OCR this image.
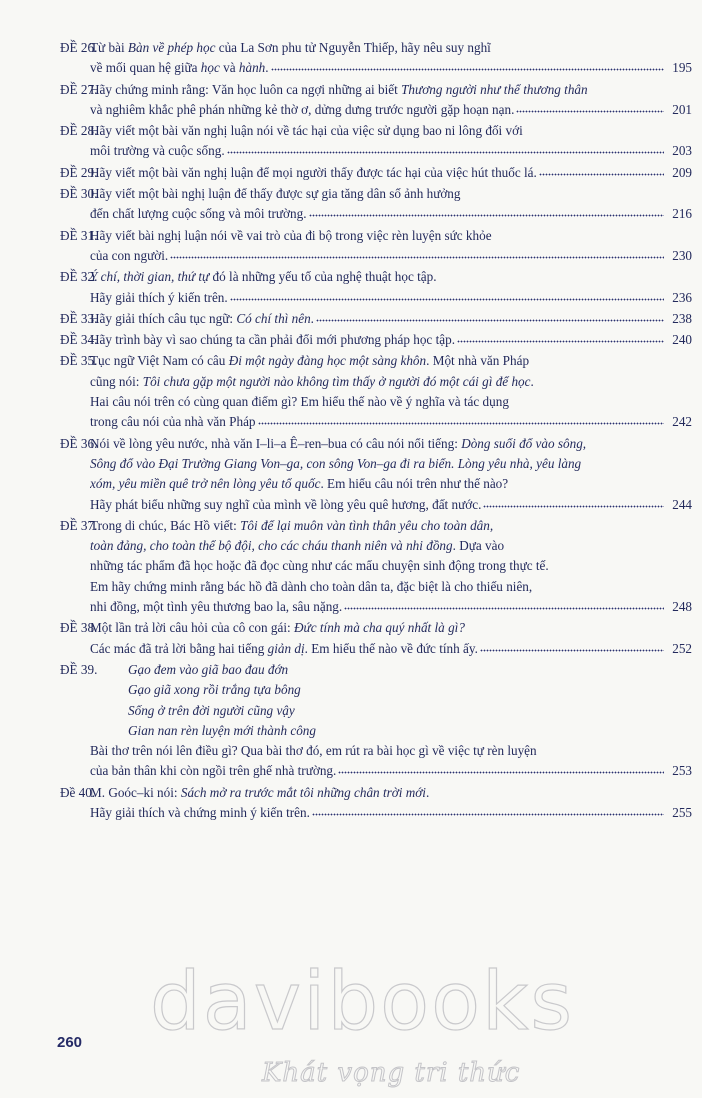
ĐỀ 26.
Từ bài Bàn về phép học của La Sơn phu tử Nguyễn Thiếp, hãy nêu suy nghĩ
về mối quan hệ giữa học và hành.	195
ĐỀ 27.
Hãy chứng minh rằng: Văn học luôn ca ngợi những ai biết Thương người như thể thương thân
và nghiêm khắc phê phán những kẻ thờ ơ, dửng dưng trước người gặp hoạn nạn.	201
ĐỀ 28.
Hãy viết một bài văn nghị luận nói về tác hại của việc sử dụng bao ni lông đối với
môi trường và cuộc sống.	203
ĐỀ 29.
Hãy viết một bài văn nghị luận để mọi người thấy được tác hại của việc hút thuốc lá.	209
ĐỀ 30.
Hãy viết một bài nghị luận để thấy được sự gia tăng dân số ảnh hưởng
đến chất lượng cuộc sống và môi trường.	216
ĐỀ 31.
Hãy viết bài nghị luận nói về vai trò của đi bộ trong việc rèn luyện sức khỏe
của con người.	230
ĐỀ 32.
Ý chí, thời gian, thứ tự đó là những yếu tố của nghệ thuật học tập.
Hãy giải thích ý kiến trên.	236
ĐỀ 33.
Hãy giải thích câu tục ngữ: Có chí thì nên.	238
ĐỀ 34.
Hãy trình bày vì sao chúng ta cần phải đổi mới phương pháp học tập.	240
ĐỀ 35.
Tục ngữ Việt Nam có câu Đi một ngày đàng học một sàng khôn. Một nhà văn Pháp
cũng nói: Tôi chưa gặp một người nào không tìm thấy ở người đó một cái gì để học.
Hai câu nói trên có cùng quan điểm gì? Em hiểu thế nào về ý nghĩa và tác dụng
trong câu nói của nhà văn Pháp	242
ĐỀ 36.
Nói về lòng yêu nước, nhà văn I–li–a Ê–ren–bua có câu nói nổi tiếng: Dòng suối đổ vào sông,
Sông đổ vào Đại Trường Giang Von–ga, con sông Von–ga đi ra biển. Lòng yêu nhà, yêu làng
xóm, yêu miền quê trở nên lòng yêu tổ quốc. Em hiểu câu nói trên như thế nào?
Hãy phát biểu những suy nghĩ của mình về lòng yêu quê hương, đất nước.	244
ĐỀ 37.
Trong di chúc, Bác Hồ viết: Tôi để lại muôn vàn tình thân yêu cho toàn dân,
toàn đảng, cho toàn thể bộ đội, cho các cháu thanh niên và nhi đồng. Dựa vào
những tác phẩm đã học hoặc đã đọc cùng như các mẩu chuyện sinh động trong thực tế.
Em hãy chứng minh rằng bác hồ đã dành cho toàn dân ta, đặc biệt là cho thiếu niên,
nhi đồng, một tình yêu thương bao la, sâu nặng.	248
ĐỀ 38.
Một lần trả lời câu hỏi của cô con gái: Đức tính mà cha quý nhất là gì?
Các mác đã trả lời bằng hai tiếng giản dị. Em hiểu thế nào về đức tính ấy.	252
ĐỀ 39.	Gạo đem vào giã bao đau đớn
Gạo giã xong rồi trắng tựa bông
Sống ở trên đời người cũng vậy
Gian nan rèn luyện mới thành công
Bài thơ trên nói lên điều gì? Qua bài thơ đó, em rút ra bài học gì về việc tự rèn luyện
của bản thân khi còn ngồi trên ghế nhà trường.	253
Đề 40.
M. Goóc–ki nói: Sách mở ra trước mắt tôi những chân trời mới.
Hãy giải thích và chứng minh ý kiến trên.	255
260 davibooks
Khát vọng tri thức
